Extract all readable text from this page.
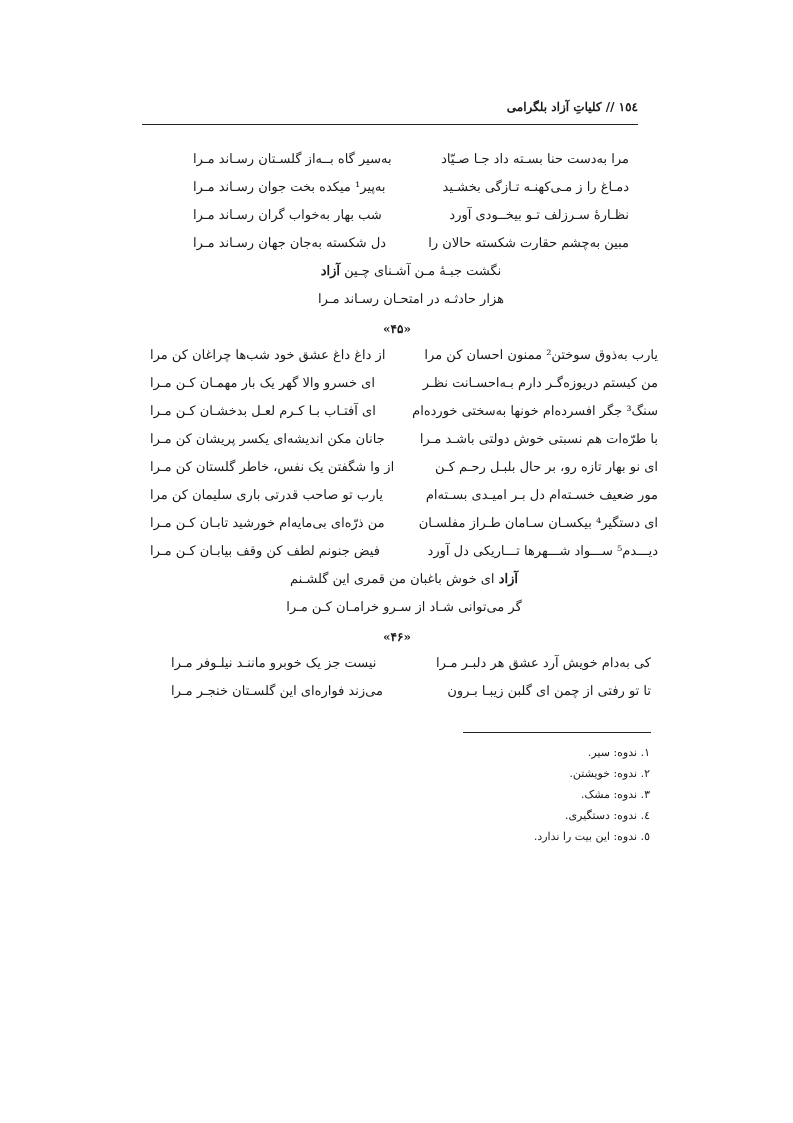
١٥٤ // کلیاتِ آزاد بلگرامی
مرا به‌دست حنا بسـته داد جـا صـیّاد
به‌سیر گاه بــه‌از گلسـتان رسـاند مـرا
دمـاغ را ز مـی‌کهنـه تـازگی بخشـید
به‌پیر¹ میکده بخت جوان رسـاند مـرا
نظـارهٔ سـرزلف تـو بیخــودی آورد
شب بهار به‌خواب گران رسـاند مـرا
مبین به‌چشم حقارت شکسته حالان را
دل شکسته به‌جان جهان رسـاند مـرا
نگشت جبـهٔ مـن آشـنای چـین آزاد
هزار حادثـه در امتحـان رسـاند مـرا
«۴۵»
یارب به‌ذوق سوختن² ممنون احسان کن مرا
از داغ داغ عشق خود شب‌ها چراغان کن مرا
من کیستم دریوزه‌گـر دارم بـه‌احسـانت نظـر
ای خسرو والا گهر یک بار مهمـان کـن مـرا
سنگ³ جگر افسرده‌ام خونها به‌سختی خورده‌ام
ای آفتـاب بـا کـرم لعـل بدخشـان کـن مـرا
با طرّه‌ات هم نسبتی خوش دولتی باشـد مـرا
جانان مکن اندیشه‌ای یکسر پریشان کن مـرا
ای نو بهار تازه رو، بر حال بلبـل رحـم کـن
از وا شگفتن یک نفس، خاطر گلستان کن مـرا
مور ضعیف خسـته‌ام دل بـر امیـدی بسـته‌ام
یارب تو صاحب قدرتی باری سلیمان کن مرا
ای دستگیر⁴ بیکسـان سـامان طـراز مفلسـان
من ذرّه‌ای بی‌مایه‌ام خورشید تابـان کـن مـرا
دیـــدم⁵ ســـواد شـــهرها تـــاریکی دل آورد
فیض جنونم لطف کن وقف بیابـان کـن مـرا
آزاد ای خوش باغبان من قمری این گلشـنم
گر می‌توانی شـاد از سـرو خرامـان کـن مـرا
«۴۶»
کی به‌دام خویش آرد عشق هر دلبـر مـرا
نیست جز یک خوبرو ماننـد نیلـوفر مـرا
تا تو رفتی از چمن ای گلبن زیبـا بـرون
می‌زند فواره‌ای این گلسـتان خنجـر مـرا
١. ندوه: سیر.
٢. ندوه: خویشتن.
٣. ندوه: مشک.
٤. ندوه: دستگیری.
٥. ندوه: این بیت را ندارد.
